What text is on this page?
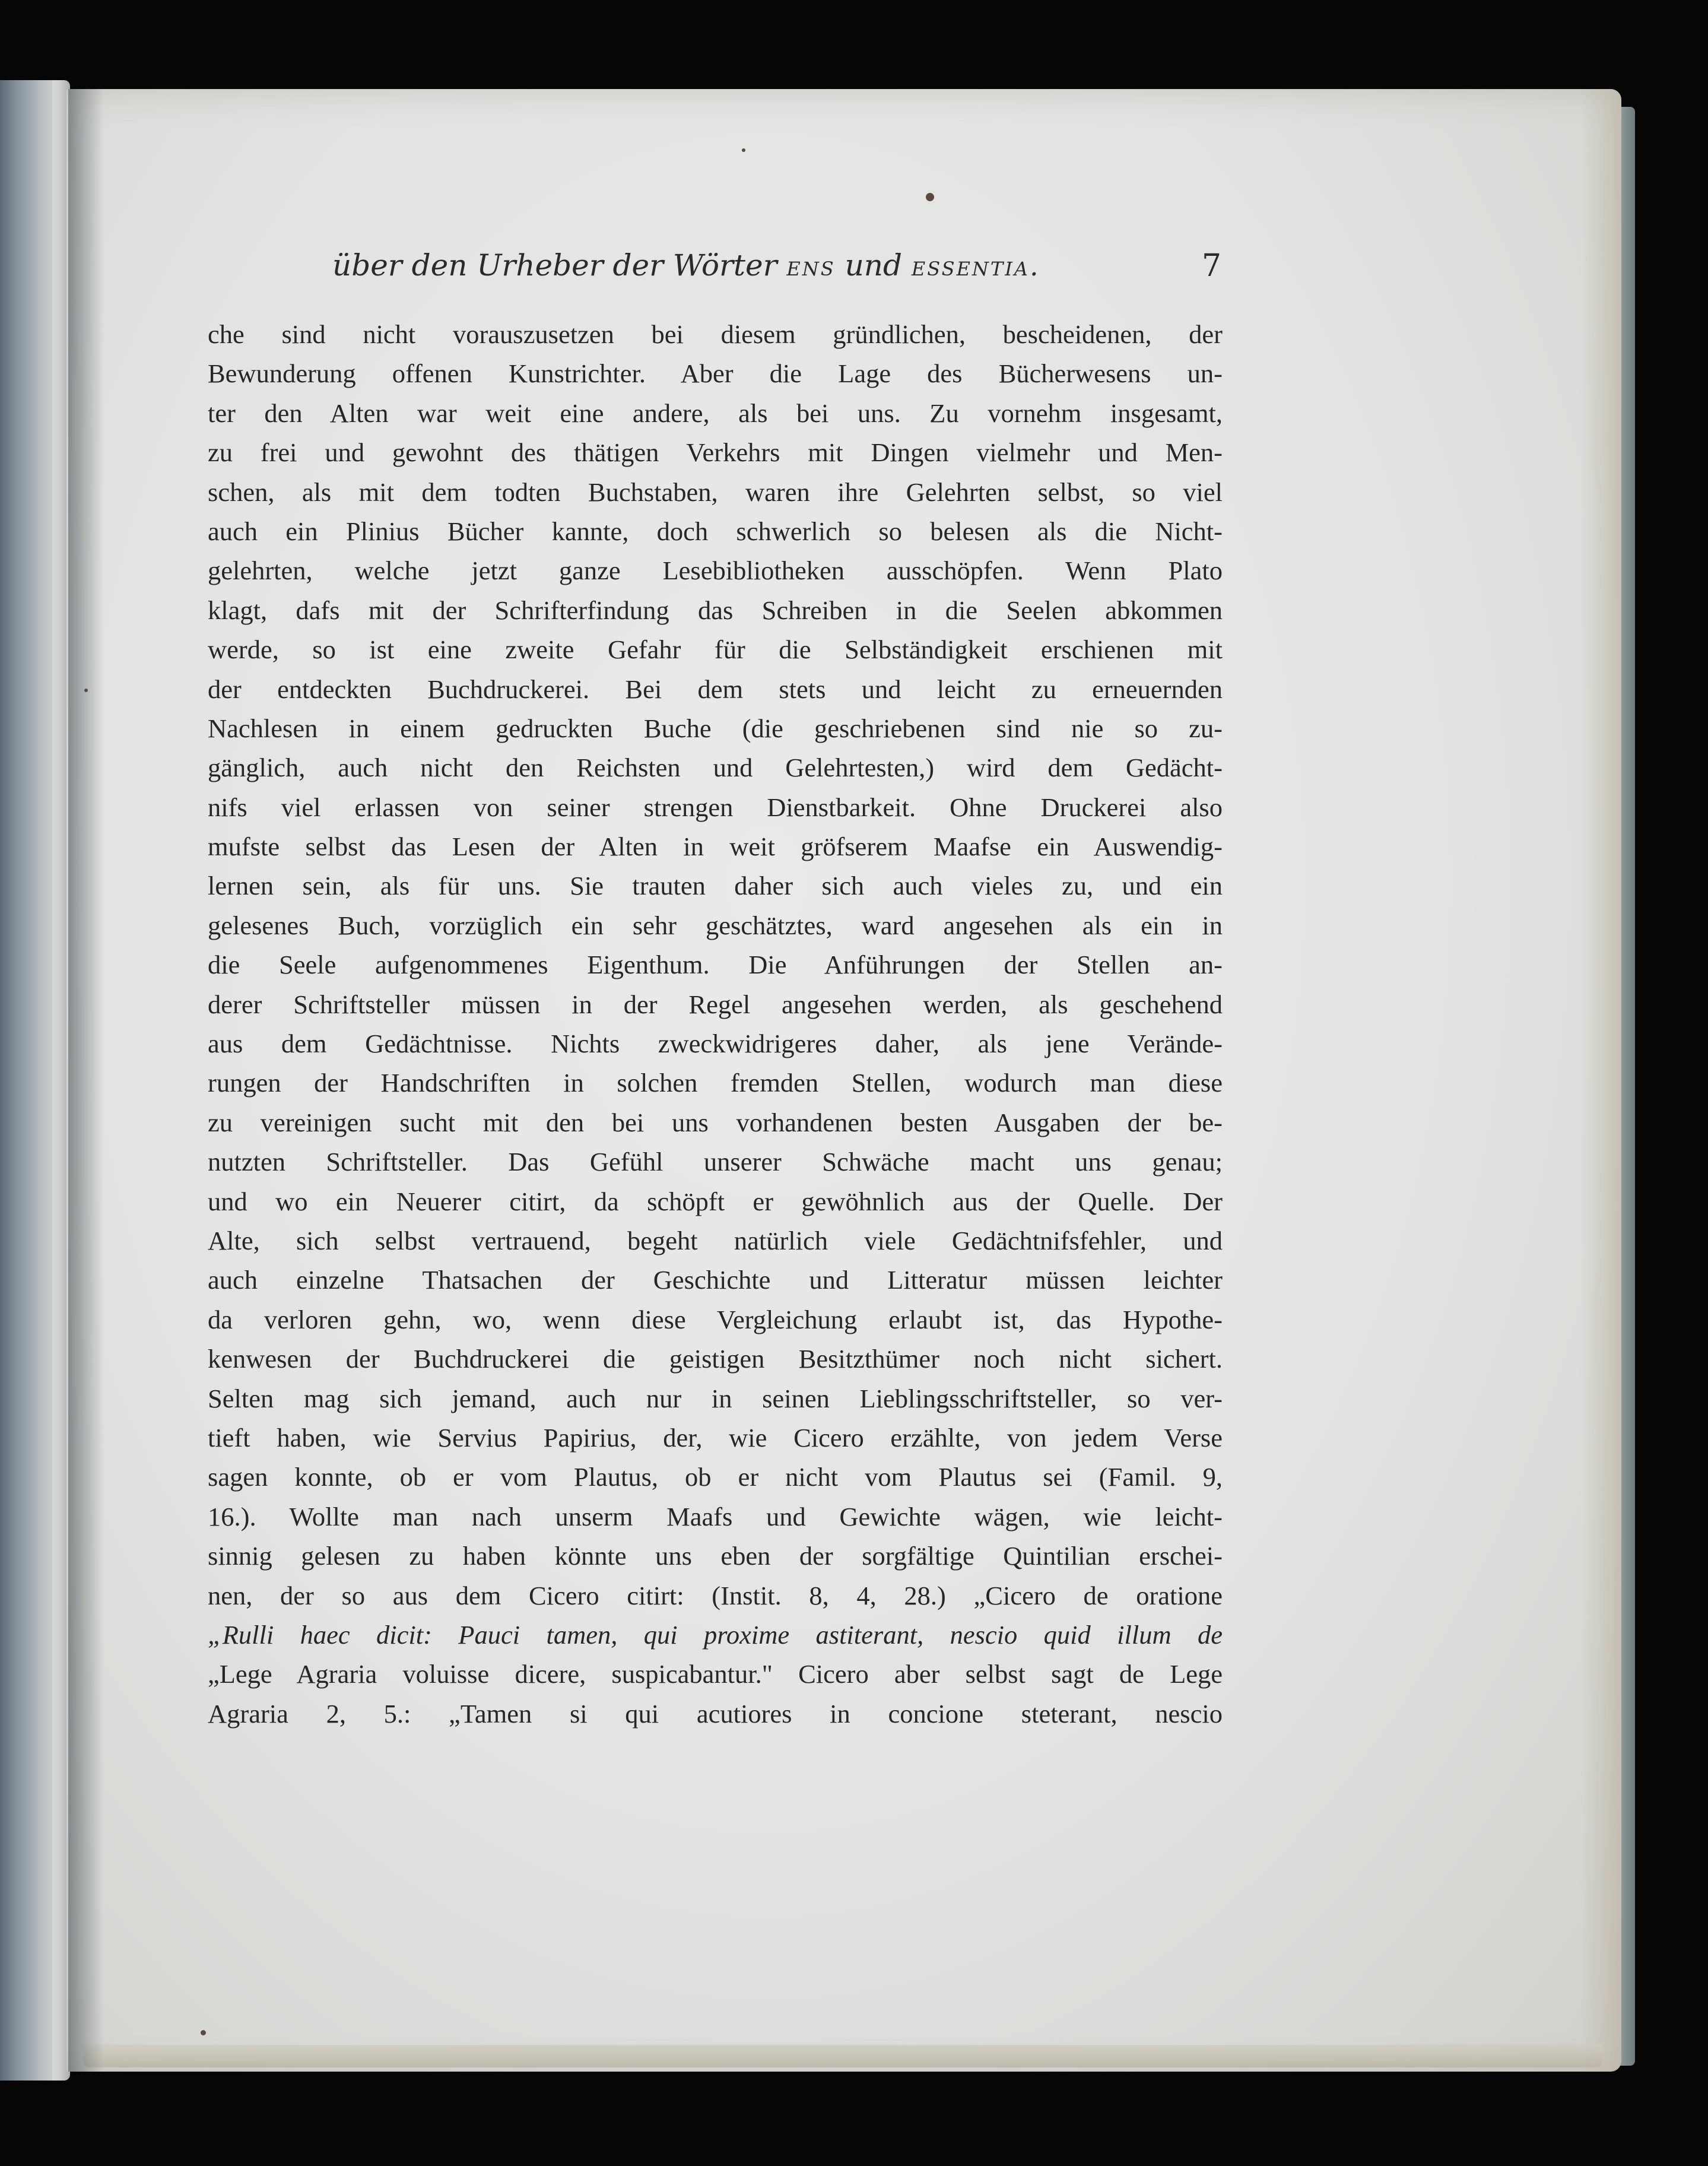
über den Urheber der Wörter ens und essentia.	7
che sind nicht vorauszusetzen bei diesem gründlichen, bescheidenen, der
Bewunderung offenen Kunstrichter. Aber die Lage des Bücherwesens un-
ter den Alten war weit eine andere, als bei uns. Zu vornehm insgesamt,
zu frei und gewohnt des thätigen Verkehrs mit Dingen vielmehr und Men-
schen, als mit dem todten Buchstaben, waren ihre Gelehrten selbst, so viel
auch ein Plinius Bücher kannte, doch schwerlich so belesen als die Nicht-
gelehrten, welche jetzt ganze Lesebibliotheken ausschöpfen. Wenn Plato
klagt, dafs mit der Schrifterfindung das Schreiben in die Seelen abkommen
werde, so ist eine zweite Gefahr für die Selbständigkeit erschienen mit
der entdeckten Buchdruckerei. Bei dem stets und leicht zu erneuernden
Nachlesen in einem gedruckten Buche (die geschriebenen sind nie so zu-
gänglich, auch nicht den Reichsten und Gelehrtesten,) wird dem Gedächt-
nifs viel erlassen von seiner strengen Dienstbarkeit. Ohne Druckerei also
mufste selbst das Lesen der Alten in weit gröfserem Maafse ein Auswendig-
lernen sein, als für uns. Sie trauten daher sich auch vieles zu, und ein
gelesenes Buch, vorzüglich ein sehr geschätztes, ward angesehen als ein in
die Seele aufgenommenes Eigenthum. Die Anführungen der Stellen an-
derer Schriftsteller müssen in der Regel angesehen werden, als geschehend
aus dem Gedächtnisse. Nichts zweckwidrigeres daher, als jene Verände-
rungen der Handschriften in solchen fremden Stellen, wodurch man diese
zu vereinigen sucht mit den bei uns vorhandenen besten Ausgaben der be-
nutzten Schriftsteller. Das Gefühl unserer Schwäche macht uns genau;
und wo ein Neuerer citirt, da schöpft er gewöhnlich aus der Quelle. Der
Alte, sich selbst vertrauend, begeht natürlich viele Gedächtnifsfehler, und
auch einzelne Thatsachen der Geschichte und Litteratur müssen leichter
da verloren gehn, wo, wenn diese Vergleichung erlaubt ist, das Hypothe-
kenwesen der Buchdruckerei die geistigen Besitzthümer noch nicht sichert.
Selten mag sich jemand, auch nur in seinen Lieblingsschriftsteller, so ver-
tieft haben, wie Servius Papirius, der, wie Cicero erzählte, von jedem Verse
sagen konnte, ob er vom Plautus, ob er nicht vom Plautus sei (Famil. 9,
16.). Wollte man nach unserm Maafs und Gewichte wägen, wie leicht-
sinnig gelesen zu haben könnte uns eben der sorgfältige Quintilian erschei-
nen, der so aus dem Cicero citirt: (Instit. 8, 4, 28.) „Cicero de oratione
„Rulli haec dicit: Pauci tamen, qui proxime astiterant, nescio quid illum de
„Lege Agraria voluisse dicere, suspicabantur." Cicero aber selbst sagt de Lege
Agraria 2, 5.: „Tamen si qui acutiores in concione steterant, nescio
